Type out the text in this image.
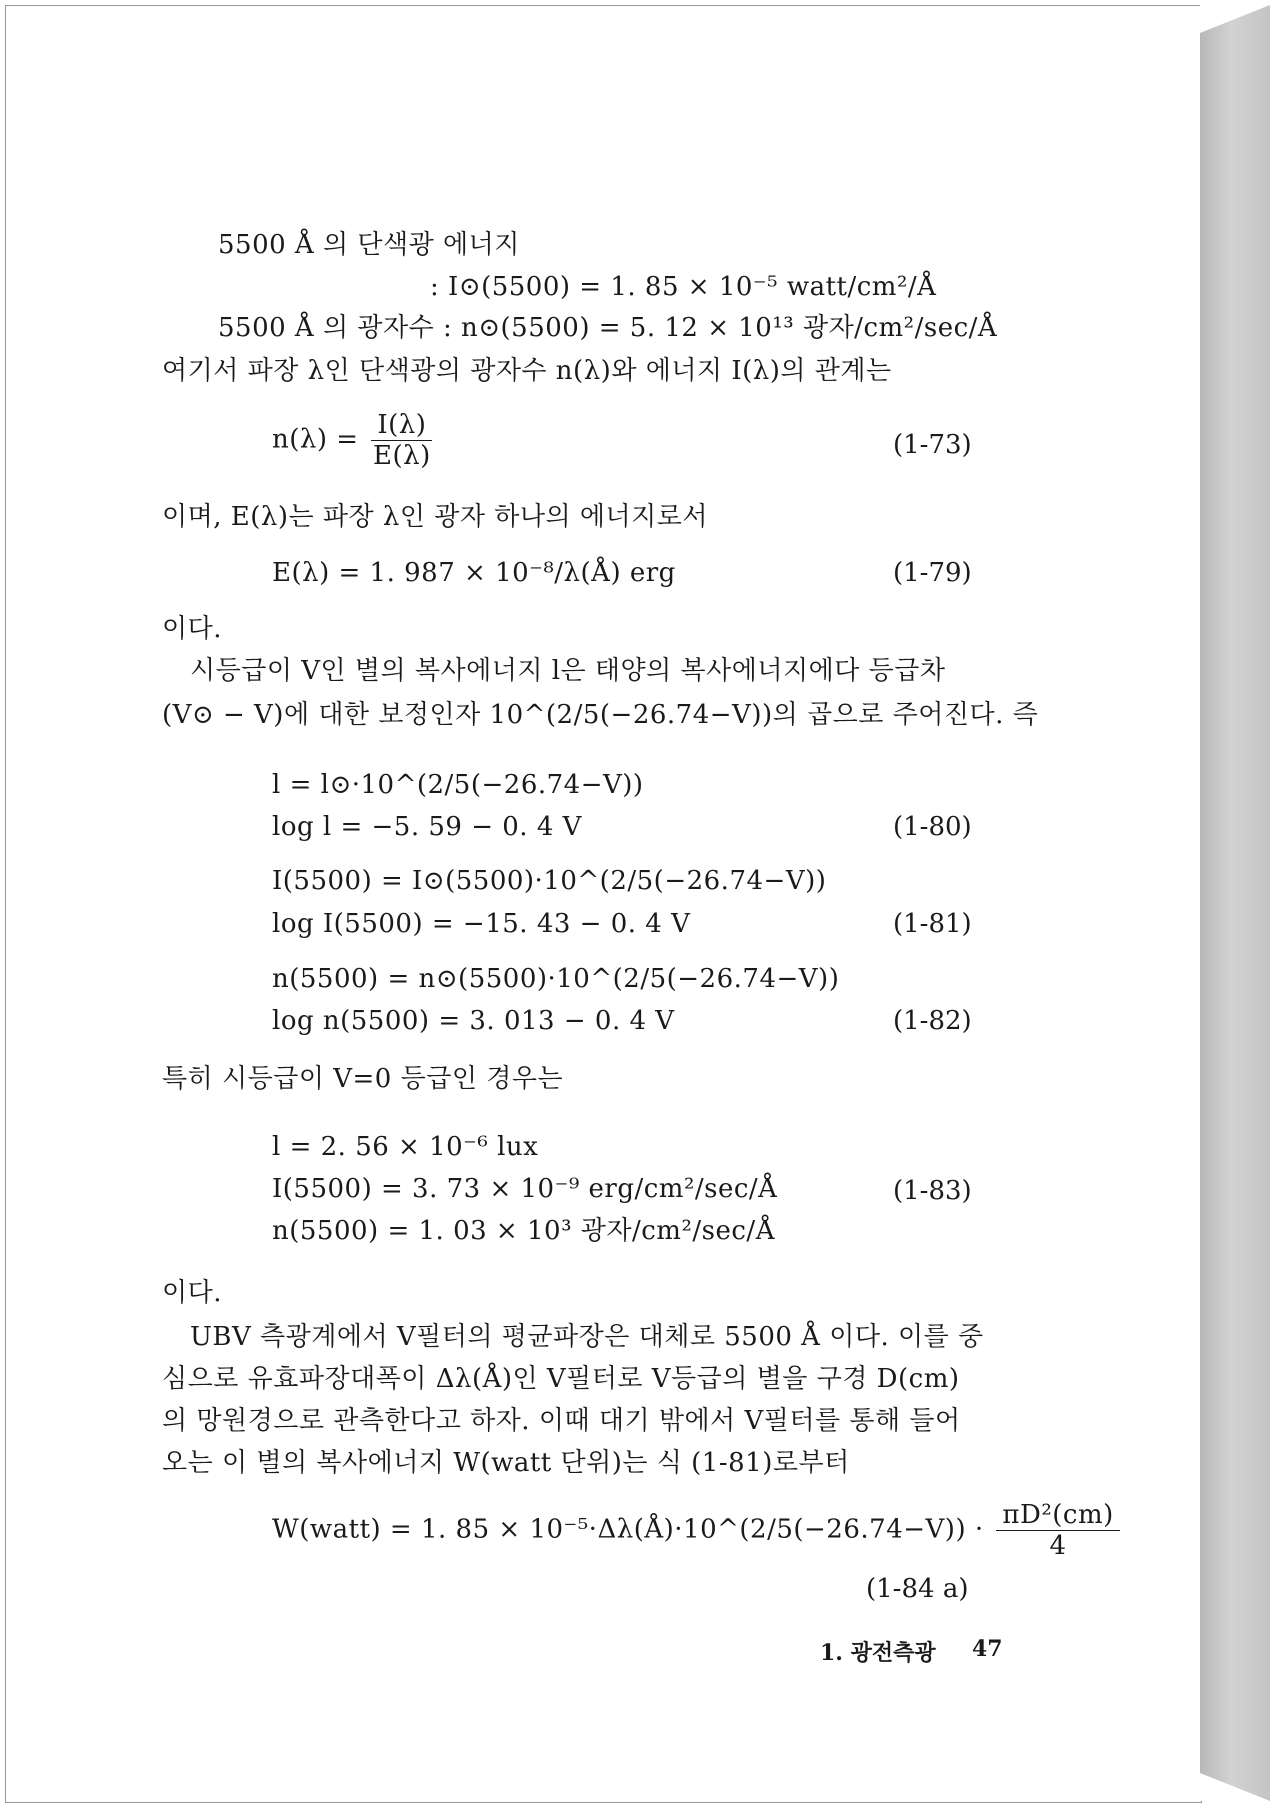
5500 Å 의 단색광 에너지
: I⊙(5500) = 1. 85 × 10⁻⁵ watt/cm²/Å
5500 Å 의 광자수 : n⊙(5500) = 5. 12 × 10¹³ 광자/cm²/sec/Å
여기서 파장 λ인 단색광의 광자수 n(λ)와 에너지 I(λ)의 관계는
$n(\lambda) = \frac{I(\lambda)}{E(\lambda)}$	(1-73)
이며, E(λ)는 파장 λ인 광자 하나의 에너지로서
E(λ) = 1. 987 × 10⁻⁸/λ(Å) erg	(1-79)
이다.
시등급이 V인 별의 복사에너지 l은 태양의 복사에너지에다 등급차
(V⊙ − V)에 대한 보정인자 10^(2/5(−26.74−V))의 곱으로 주어진다. 즉
l = l⊙·10^(2/5(−26.74−V))
log l = −5. 59 − 0. 4 V	(1-80)
I(5500) = I⊙(5500)·10^(2/5(−26.74−V))
log I(5500) = −15. 43 − 0. 4 V	(1-81)
n(5500) = n⊙(5500)·10^(2/5(−26.74−V))
log n(5500) = 3. 013 − 0. 4 V	(1-82)
특히 시등급이 V=0 등급인 경우는
l = 2. 56 × 10⁻⁶ lux
I(5500) = 3. 73 × 10⁻⁹ erg/cm²/sec/Å	(1-83)
n(5500) = 1. 03 × 10³ 광자/cm²/sec/Å
이다.
UBV 측광계에서 V필터의 평균파장은 대체로 5500 Å 이다. 이를 중
심으로 유효파장대폭이 Δλ(Å)인 V필터로 V등급의 별을 구경 D(cm)
의 망원경으로 관측한다고 하자. 이때 대기 밖에서 V필터를 통해 들어
오는 이 별의 복사에너지 W(watt 단위)는 식 (1-81)로부터
W(watt) = 1. 85 × 10⁻⁵·Δλ(Å)·10^(2/5(−26.74−V)) · $\frac{\text{πD²(cm)}}{4}$
(1-84 a)
1. 광전측광 47
